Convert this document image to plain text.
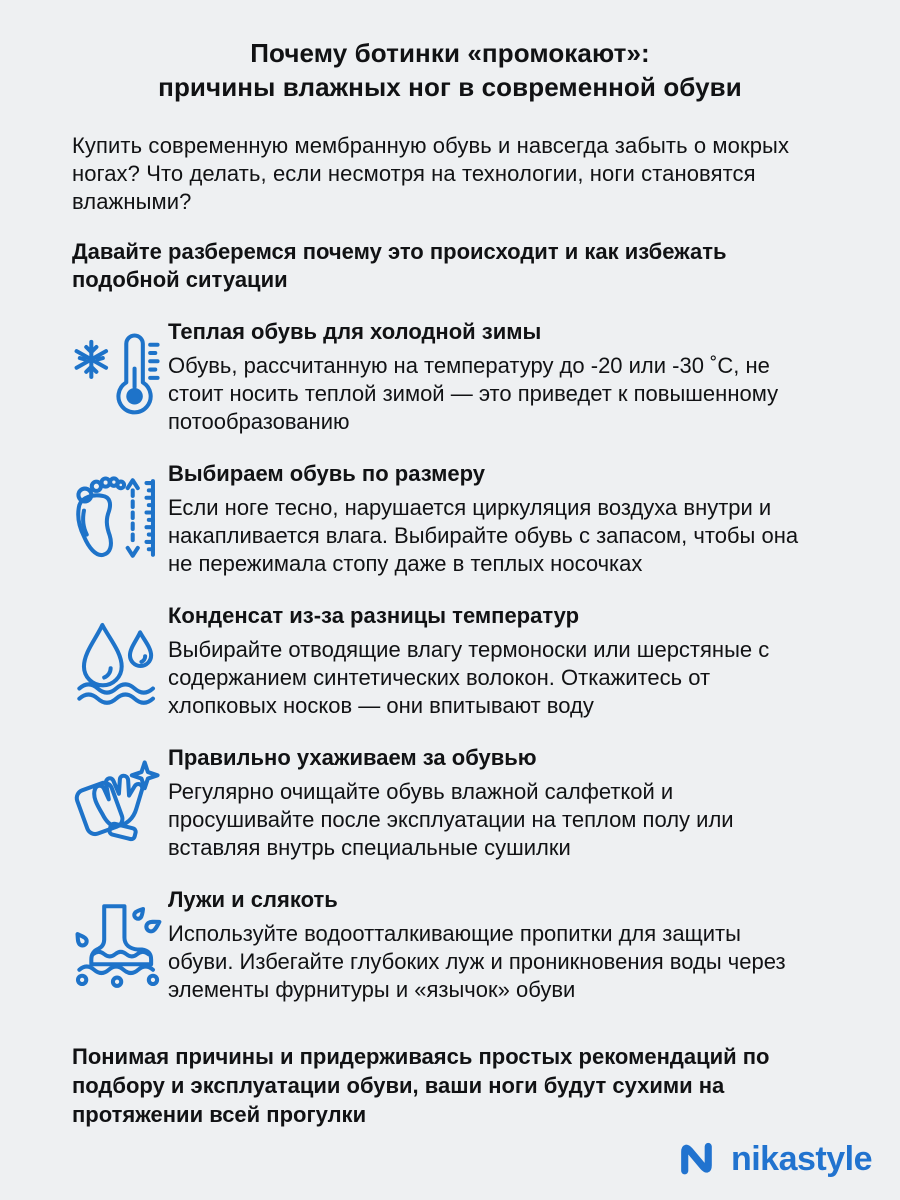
Почему ботинки «промокают»:
причины влажных ног в современной обуви

Купить современную мембранную обувь и навсегда забыть о мокрых ногах? Что делать, если несмотря на технологии, ноги становятся влажными?

Давайте разберемся почему это происходит и как избежать подобной ситуации

Теплая обувь для холодной зимы

Обувь, рассчитанную на температуру до -20 или -30 ˚С, не стоит носить теплой зимой — это приведет к повышенному потообразованию

Выбираем обувь по размеру

Если ноге тесно, нарушается циркуляция воздуха внутри и накапливается влага. Выбирайте обувь с запасом, чтобы она не пережимала стопу даже в теплых носочках

Конденсат из-за разницы температур

Выбирайте отводящие влагу термоноски или шерстяные с содержанием синтетических волокон. Откажитесь от хлопковых носков — они впитывают воду

Правильно ухаживаем за обувью

Регулярно очищайте обувь влажной салфеткой и просушивайте после эксплуатации на теплом полу или вставляя внутрь специальные сушилки

Лужи и слякоть

Используйте водоотталкивающие пропитки для защиты обуви. Избегайте глубоких луж и проникновения воды через элементы фурнитуры и «язычок» обуви

Понимая причины и придерживаясь простых рекомендаций по подбору и эксплуатации обуви, ваши ноги будут сухими на протяжении всей прогулки

nikastyle
